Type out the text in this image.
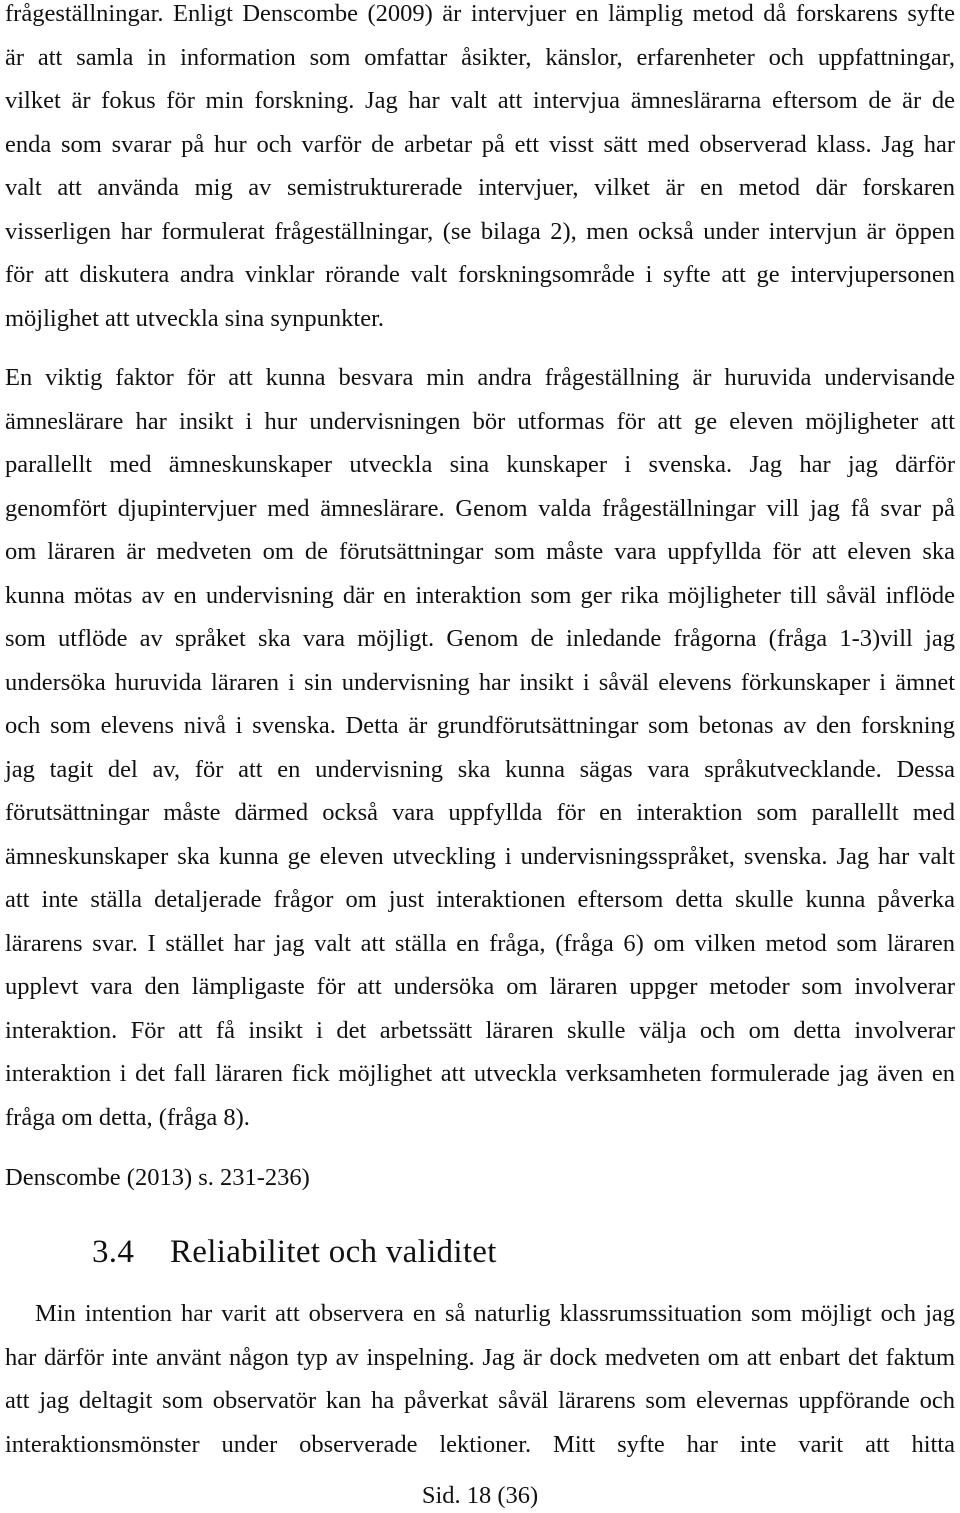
frågeställningar. Enligt Denscombe (2009) är intervjuer en lämplig metod då forskarens syfte
är att samla in information som omfattar åsikter, känslor, erfarenheter och uppfattningar,
vilket är fokus för min forskning. Jag har valt att intervjua ämneslärarna eftersom de är de
enda som svarar på hur och varför de arbetar på ett visst sätt med observerad klass. Jag har
valt att använda mig av semistrukturerade intervjuer, vilket är en metod där forskaren
visserligen har formulerat frågeställningar, (se bilaga 2), men också under intervjun är öppen
för att diskutera andra vinklar rörande valt forskningsområde i syfte att ge intervjupersonen
möjlighet att utveckla sina synpunkter.
En viktig faktor för att kunna besvara min andra frågeställning är huruvida undervisande
ämneslärare har insikt i hur undervisningen bör utformas för att ge eleven möjligheter att
parallellt med ämneskunskaper utveckla sina kunskaper i svenska. Jag har jag därför
genomfört djupintervjuer med ämneslärare. Genom valda frågeställningar vill jag få svar på
om läraren är medveten om de förutsättningar som måste vara uppfyllda för att eleven ska
kunna mötas av en undervisning där en interaktion som ger rika möjligheter till såväl inflöde
som utflöde av språket ska vara möjligt. Genom de inledande frågorna (fråga 1-3)vill jag
undersöka huruvida läraren i sin undervisning har insikt i såväl elevens förkunskaper i ämnet
och som elevens nivå i svenska. Detta är grundförutsättningar som betonas av den forskning
jag tagit del av, för att en undervisning ska kunna sägas vara språkutvecklande. Dessa
förutsättningar måste därmed också vara uppfyllda för en interaktion som parallellt med
ämneskunskaper ska kunna ge eleven utveckling i undervisningsspråket, svenska. Jag har valt
att inte ställa detaljerade frågor om just interaktionen eftersom detta skulle kunna påverka
lärarens svar. I stället har jag valt att ställa en fråga, (fråga 6) om vilken metod som läraren
upplevt vara den lämpligaste för att undersöka om läraren uppger metoder som involverar
interaktion. För att få insikt i det arbetssätt läraren skulle välja och om detta involverar
interaktion i det fall läraren fick möjlighet att utveckla verksamheten formulerade jag även en
fråga om detta, (fråga 8).
Denscombe (2013) s. 231-236)
3.4 Reliabilitet och validitet
Min intention har varit att observera en så naturlig klassrumssituation som möjligt och jag
har därför inte använt någon typ av inspelning. Jag är dock medveten om att enbart det faktum
att jag deltagit som observatör kan ha påverkat såväl lärarens som elevernas uppförande och
interaktionsmönster under observerade lektioner. Mitt syfte har inte varit att hitta
Sid. 18 (36)
